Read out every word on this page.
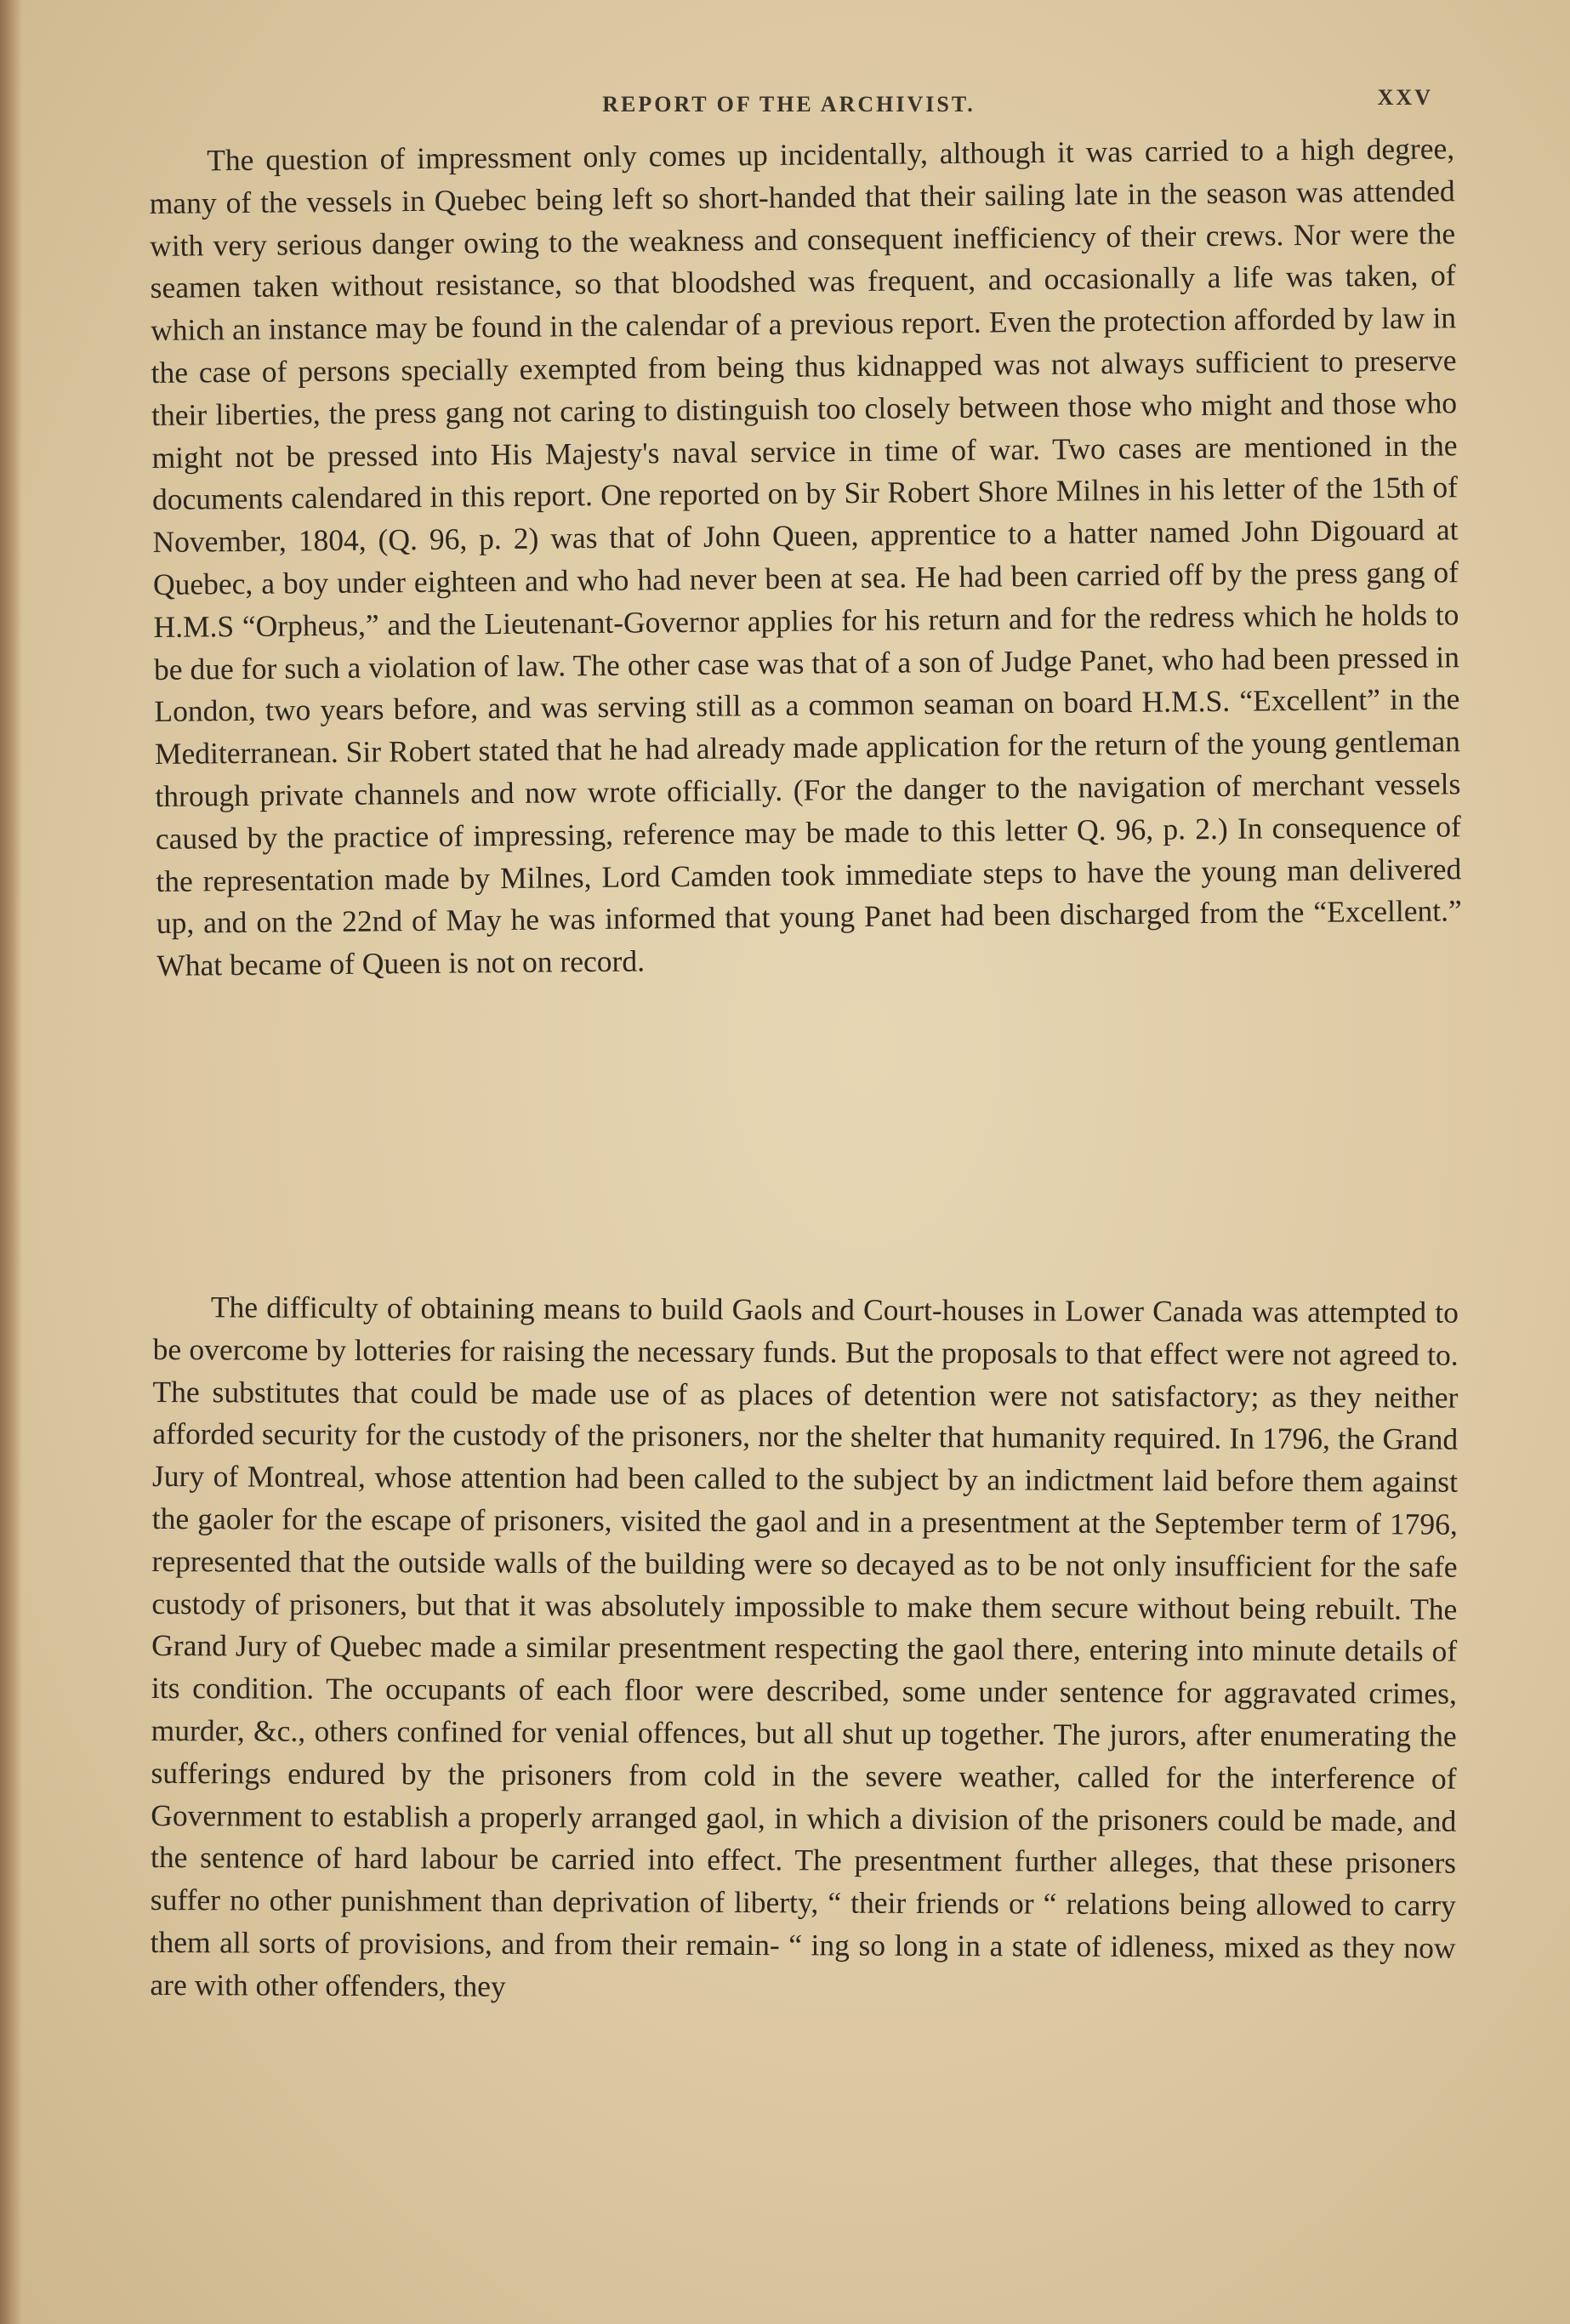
REPORT OF THE ARCHIVIST.	XXV

The question of impressment only comes up incidentally, although it was carried to a high degree, many of the vessels in Quebec being left so short-handed that their sailing late in the season was attended with very serious danger owing to the weakness and consequent inefficiency of their crews. Nor were the seamen taken without resistance, so that bloodshed was frequent, and occasionally a life was taken, of which an instance may be found in the calendar of a previous report. Even the protection afforded by law in the case of persons specially exempted from being thus kidnapped was not always sufficient to preserve their liberties, the press gang not caring to distinguish too closely between those who might and those who might not be pressed into His Majesty's naval service in time of war. Two cases are mentioned in the documents calendared in this report. One reported on by Sir Robert Shore Milnes in his letter of the 15th of November, 1804, (Q. 96, p. 2) was that of John Queen, apprentice to a hatter named John Digouard at Quebec, a boy under eighteen and who had never been at sea. He had been carried off by the press gang of H.M.S “Orpheus,” and the Lieutenant-Governor applies for his return and for the redress which he holds to be due for such a violation of law. The other case was that of a son of Judge Panet, who had been pressed in London, two years before, and was serving still as a common seaman on board H.M.S. “Excellent” in the Mediterranean. Sir Robert stated that he had already made application for the return of the young gentleman through private channels and now wrote officially. (For the danger to the navigation of merchant vessels caused by the practice of impressing, reference may be made to this letter Q. 96, p. 2.) In consequence of the representation made by Milnes, Lord Camden took immediate steps to have the young man delivered up, and on the 22nd of May he was informed that young Panet had been discharged from the “Excellent.” What became of Queen is not on record.

The difficulty of obtaining means to build Gaols and Court-houses in Lower Canada was attempted to be overcome by lotteries for raising the necessary funds. But the proposals to that effect were not agreed to. The substitutes that could be made use of as places of detention were not satisfactory; as they neither afforded security for the custody of the prisoners, nor the shelter that humanity required. In 1796, the Grand Jury of Montreal, whose attention had been called to the subject by an indictment laid before them against the gaoler for the escape of prisoners, visited the gaol and in a presentment at the September term of 1796, represented that the outside walls of the building were so decayed as to be not only insufficient for the safe custody of prisoners, but that it was absolutely impossible to make them secure without being rebuilt. The Grand Jury of Quebec made a similar presentment respecting the gaol there, entering into minute details of its condition. The occupants of each floor were described, some under sentence for aggravated crimes, murder, &c., others confined for venial offences, but all shut up together. The jurors, after enumerating the sufferings endured by the prisoners from cold in the severe weather, called for the interference of Government to establish a properly arranged gaol, in which a division of the prisoners could be made, and the sentence of hard labour be carried into effect. The presentment further alleges, that these prisoners suffer no other punishment than deprivation of liberty, “ their friends or “ relations being allowed to carry them all sorts of provisions, and from their remain- “ ing so long in a state of idleness, mixed as they now are with other offenders, they
